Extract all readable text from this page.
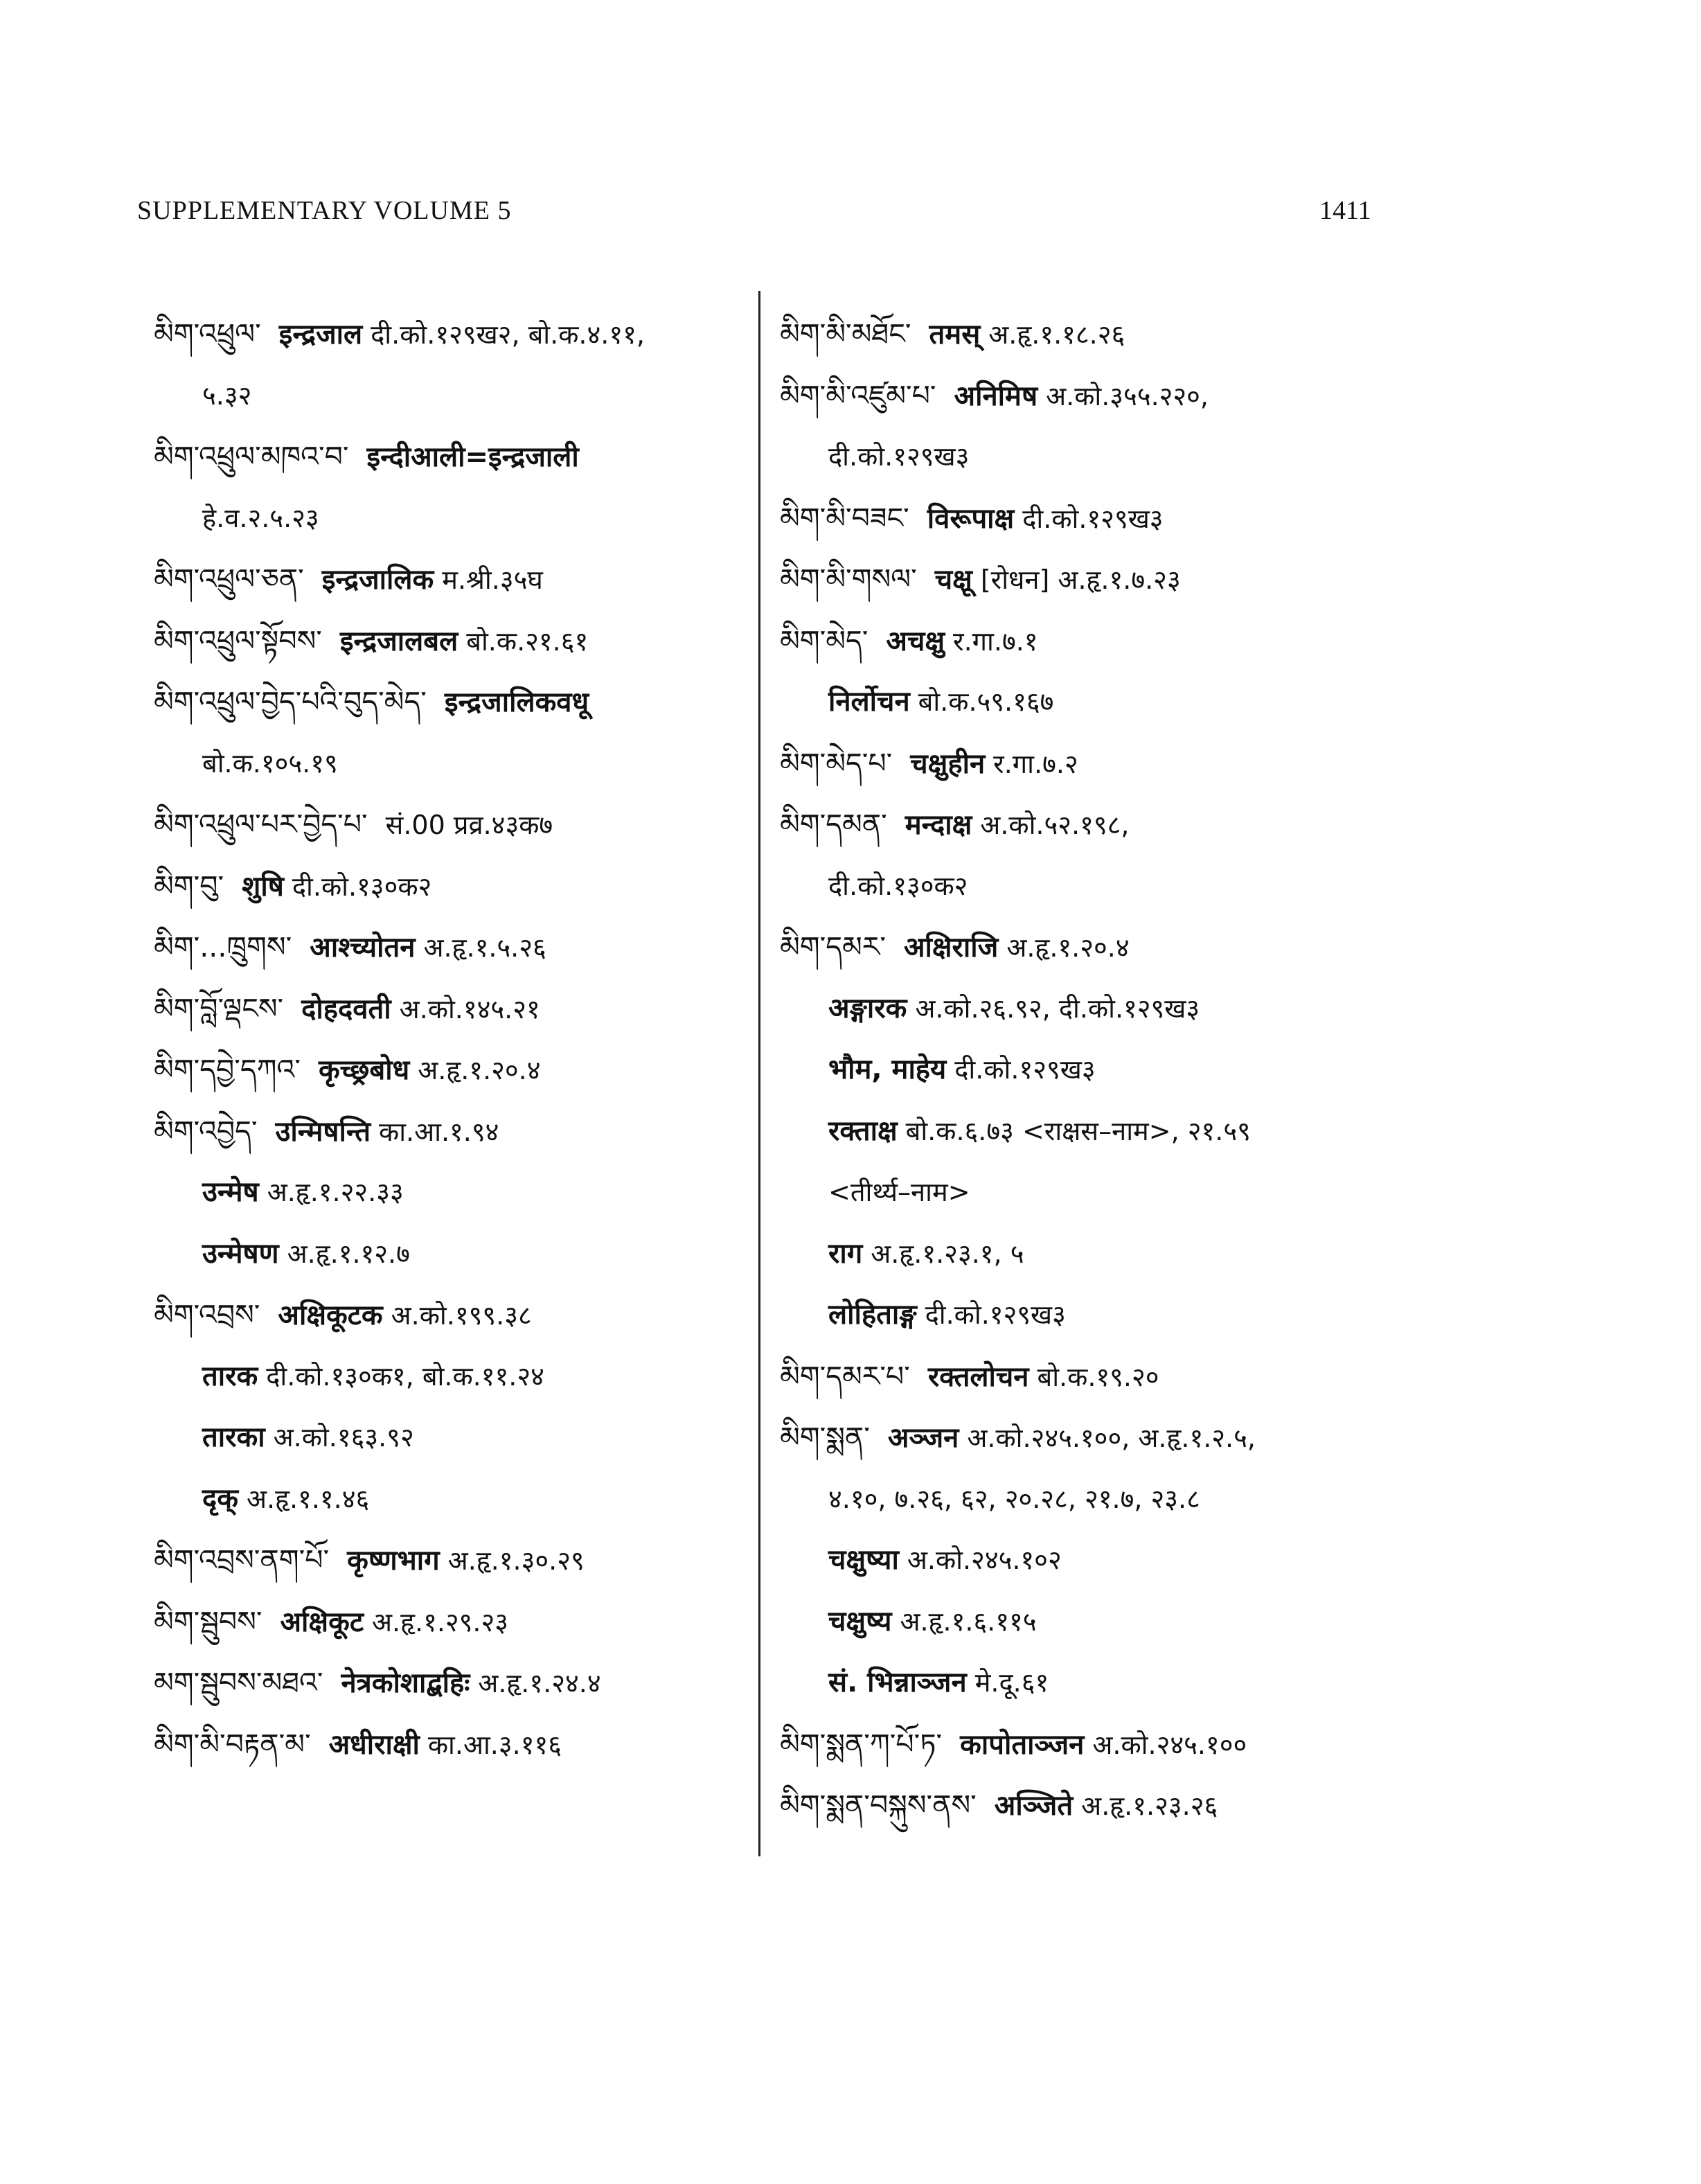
SUPPLEMENTARY VOLUME 5	1411
མིག་འཕྲུལ་ इन्द्रजाल दी.को.१२९ख२, बो.क.४.११,
५.३२
མིག་འཕྲུལ་མཁའ་བ་ इन्दीआली=इन्द्रजाली
हे.व.२.५.२३
མིག་འཕྲུལ་ཅན་ इन्द्रजालिक म.श्री.३५घ
མིག་འཕྲུལ་སྟོབས་ इन्द्रजालबल बो.क.२१.६१
མིག་འཕྲུལ་བྱེད་པའི་བུད་མེད་ इन्द्रजालिकवधू
बो.क.१०५.१९
མིག་འཕྲུལ་པར་བྱེད་པ་ सं.00 प्रव्र.४३क७
མིག་བུ་ शुषि दी.को.१३०क२
མིག་...ཁྲུགས་ आश्च्योतन अ.हृ.१.५.२६
མིག་བློ་ལྡངས་ दोहदवती अ.को.१४५.२१
མིག་དབྱེ་དཀའ་ कृच्छ्रबोध अ.हृ.१.२०.४
མིག་འབྱེད་ उन्मिषन्ति का.आ.१.९४
उन्मेष अ.हृ.१.२२.३३
उन्मेषण अ.हृ.१.१२.७
མིག་འབྲས་ अक्षिकूटक अ.को.१९९.३८
तारक दी.को.१३०क१, बो.क.११.२४
तारका अ.को.१६३.९२
दृक् अ.हृ.१.१.४६
མིག་འབྲས་ནག་པོ་ कृष्णभाग अ.हृ.१.३०.२९
མིག་སྦུབས་ अक्षिकूट अ.हृ.१.२९.२३
མག་སྦུབས་མཐའ་ नेत्रकोशाद्बहिः अ.हृ.१.२४.४
མིག་མི་བརྟན་མ་ अधीराक्षी का.आ.३.११६
མིག་མི་མཐོང་ तमस् अ.हृ.१.१८.२६
མིག་མི་འཛུམ་པ་ अनिमिष अ.को.३५५.२२०,
दी.को.१२९ख३
མིག་མི་བཟང་ विरूपाक्ष दी.को.१२९ख३
མིག་མི་གསལ་ चक्षू [रोधन] अ.हृ.१.७.२३
མིག་མེད་ अचक्षु र.गा.७.१
निर्लोचन बो.क.५९.१६७
མིག་མེད་པ་ चक्षुहीन र.गा.७.२
མིག་དམན་ मन्दाक्ष अ.को.५२.१९८,
दी.को.१३०क२
མིག་དམར་ अक्षिराजि अ.हृ.१.२०.४
अङ्गारक अ.को.२६.९२, दी.को.१२९ख३
भौम, माहेय दी.को.१२९ख३
रक्ताक्ष बो.क.६.७३ <राक्षस–नाम>, २१.५९
<तीर्थ्य–नाम>
राग अ.हृ.१.२३.१, ५
लोहिताङ्ग दी.को.१२९ख३
མིག་དམར་པ་ रक्तलोचन बो.क.१९.२०
མིག་སྨན་ अञ्जन अ.को.२४५.१००, अ.हृ.१.२.५,
४.१०, ७.२६, ६२, २०.२८, २१.७, २३.८
चक्षुष्या अ.को.२४५.१०२
चक्षुष्य अ.हृ.१.६.११५
सं. भिन्नाञ्जन मे.दू.६१
མིག་སྨན་ཀ་པོ་ཏ་ कापोताञ्जन अ.को.२४५.१००
མིག་སྨན་བསྐུས་ནས་ अञ्जिते अ.हृ.१.२३.२६
